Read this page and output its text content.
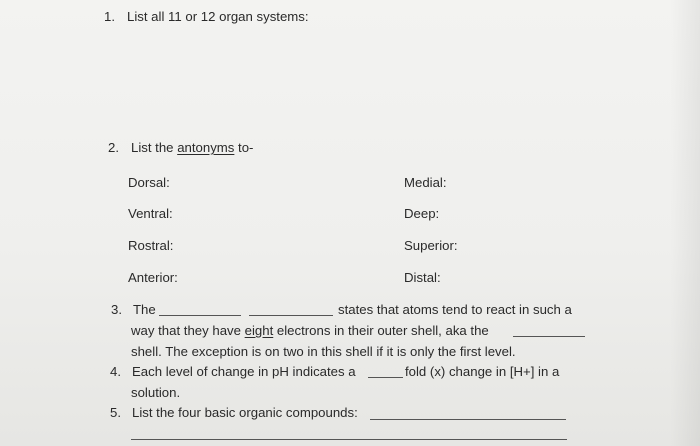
1. List all 11 or 12 organ systems:
2. List the antonyms to-
Dorsal:
Ventral:
Rostral:
Anterior:
Medial:
Deep:
Superior:
Distal:
3. The	states that atoms tend to react in such a
way that they have eight electrons in their outer shell, aka the
shell. The exception is on two in this shell if it is only the first level.
4. Each level of change in pH indicates a	fold (x) change in [H+] in a
solution.
5. List the four basic organic compounds:
